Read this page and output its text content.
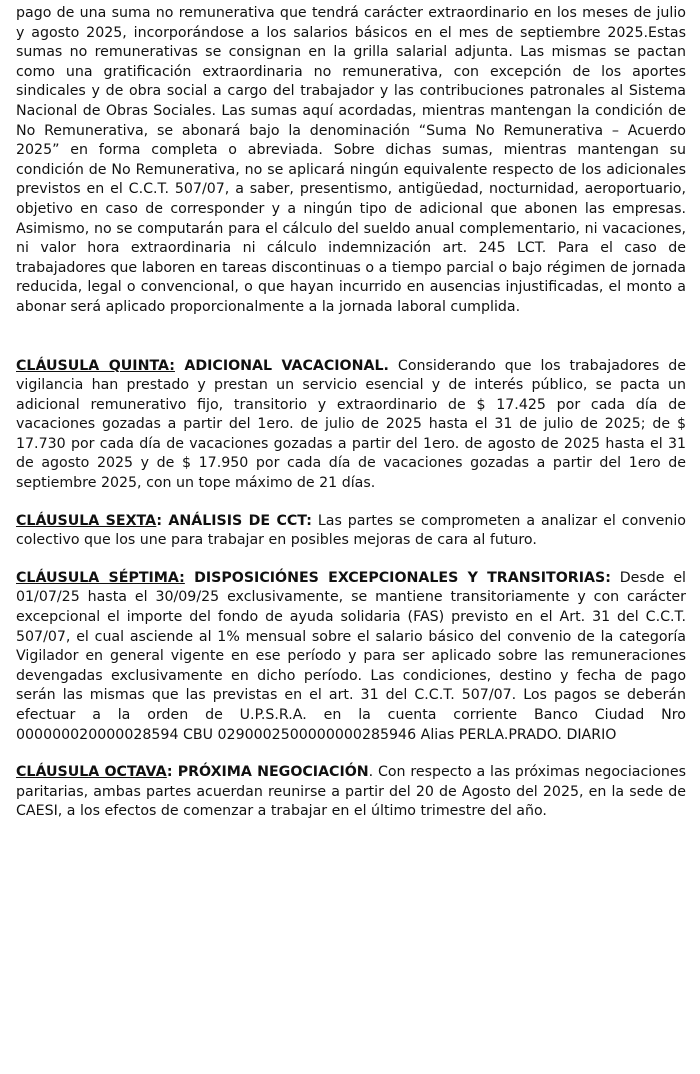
pago de una suma no remunerativa que tendrá carácter extraordinario en los meses de julio y agosto 2025, incorporándose a los salarios básicos en el mes de septiembre 2025.Estas sumas no remunerativas se consignan en la grilla salarial adjunta. Las mismas se pactan como una gratificación extraordinaria no remunerativa, con excepción de los aportes sindicales y de obra social a cargo del trabajador y las contribuciones patronales al Sistema Nacional de Obras Sociales. Las sumas aquí acordadas, mientras mantengan la condición de No Remunerativa, se abonará bajo la denominación “Suma No Remunerativa – Acuerdo 2025” en forma completa o abreviada. Sobre dichas sumas, mientras mantengan su condición de No Remunerativa, no se aplicará ningún equivalente respecto de los adicionales previstos en el C.C.T. 507/07, a saber, presentismo, antigüedad, nocturnidad, aeroportuario, objetivo en caso de corresponder y a ningún tipo de adicional que abonen las empresas. Asimismo, no se computarán para el cálculo del sueldo anual complementario, ni vacaciones, ni valor hora extraordinaria ni cálculo indemnización art. 245 LCT. Para el caso de trabajadores que laboren en tareas discontinuas o a tiempo parcial o bajo régimen de jornada reducida, legal o convencional, o que hayan incurrido en ausencias injustificadas, el monto a abonar será aplicado proporcionalmente a la jornada laboral cumplida.

CLÁUSULA QUINTA: ADICIONAL VACACIONAL. Considerando que los trabajadores de vigilancia han prestado y prestan un servicio esencial y de interés público, se pacta un adicional remunerativo fijo, transitorio y extraordinario de $ 17.425 por cada día de vacaciones gozadas a partir del 1ero. de julio de 2025 hasta el 31 de julio de 2025; de $ 17.730 por cada día de vacaciones gozadas a partir del 1ero. de agosto de 2025 hasta el 31 de agosto 2025 y de $ 17.950 por cada día de vacaciones gozadas a partir del 1ero de septiembre 2025, con un tope máximo de 21 días.

CLÁUSULA SEXTA: ANÁLISIS DE CCT: Las partes se comprometen a analizar el convenio colectivo que los une para trabajar en posibles mejoras de cara al futuro.

CLÁUSULA SÉPTIMA: DISPOSICIÓNES EXCEPCIONALES Y TRANSITORIAS: Desde el 01/07/25 hasta el 30/09/25 exclusivamente, se mantiene transitoriamente y con carácter excepcional el importe del fondo de ayuda solidaria (FAS) previsto en el Art. 31 del C.C.T. 507/07, el cual asciende al 1% mensual sobre el salario básico del convenio de la categoría Vigilador en general vigente en ese período y para ser aplicado sobre las remuneraciones devengadas exclusivamente en dicho período. Las condiciones, destino y fecha de pago serán las mismas que las previstas en el art. 31 del C.C.T. 507/07. Los pagos se deberán efectuar a la orden de U.P.S.R.A. en la cuenta corriente Banco Ciudad Nro 000000020000028594 CBU 0290002500000000285946 Alias PERLA.PRADO. DIARIO

CLÁUSULA OCTAVA: PRÓXIMA NEGOCIACIÓN. Con respecto a las próximas negociaciones paritarias, ambas partes acuerdan reunirse a partir del 20 de Agosto del 2025, en la sede de CAESI, a los efectos de comenzar a trabajar en el último trimestre del año.
